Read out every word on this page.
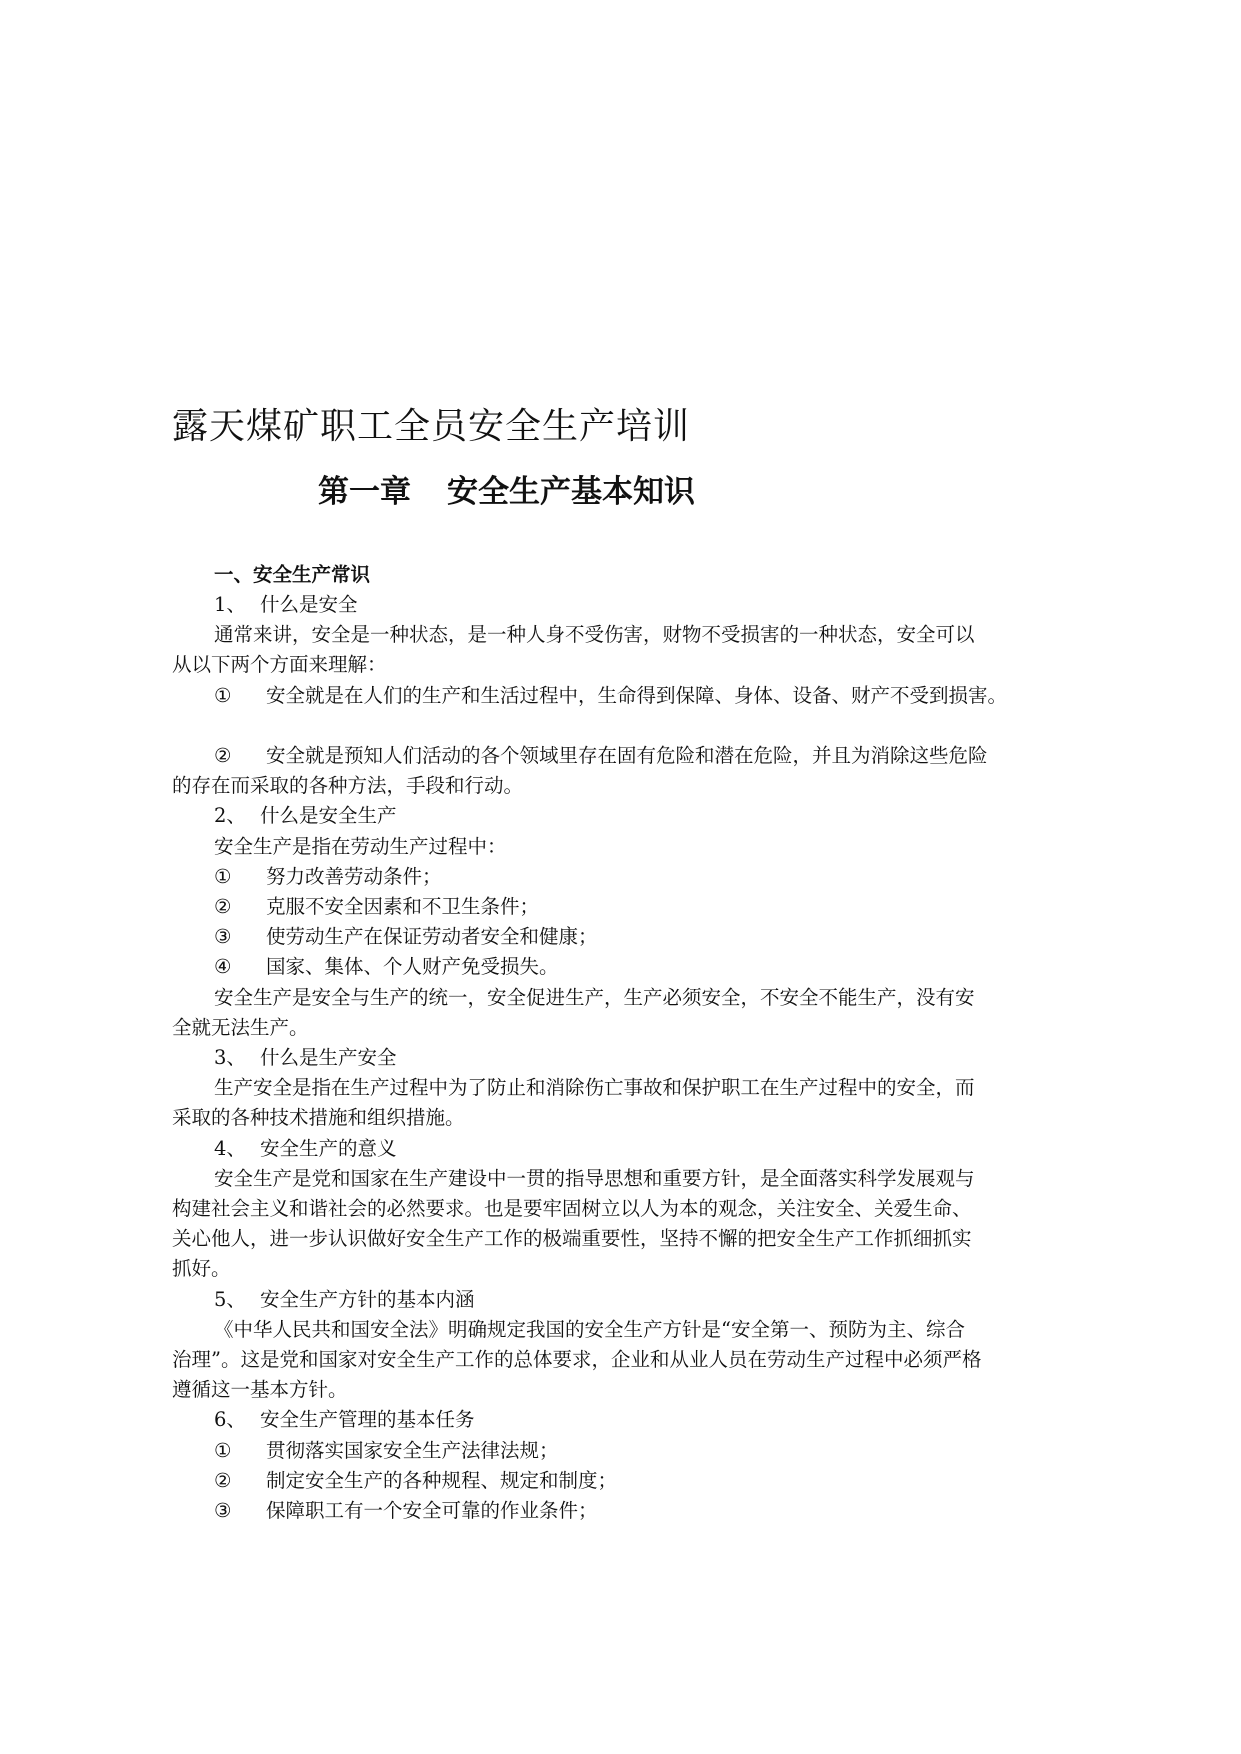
露天煤矿职工全员安全生产培训
第一章 安全生产基本知识
一、安全生产常识
1、 什么是安全
通常来讲，安全是一种状态，是一种人身不受伤害，财物不受损害的一种状态，安全可以
从以下两个方面来理解：
① 安全就是在人们的生产和生活过程中，生命得到保障、身体、设备、财产不受到损害。
② 安全就是预知人们活动的各个领域里存在固有危险和潜在危险，并且为消除这些危险
的存在而采取的各种方法，手段和行动。
2、 什么是安全生产
安全生产是指在劳动生产过程中：
① 努力改善劳动条件；
② 克服不安全因素和不卫生条件；
③ 使劳动生产在保证劳动者安全和健康；
④ 国家、集体、个人财产免受损失。
安全生产是安全与生产的统一，安全促进生产，生产必须安全，不安全不能生产，没有安
全就无法生产。
3、 什么是生产安全
生产安全是指在生产过程中为了防止和消除伤亡事故和保护职工在生产过程中的安全，而
采取的各种技术措施和组织措施。
4、 安全生产的意义
安全生产是党和国家在生产建设中一贯的指导思想和重要方针，是全面落实科学发展观与
构建社会主义和谐社会的必然要求。也是要牢固树立以人为本的观念，关注安全、关爱生命、
关心他人，进一步认识做好安全生产工作的极端重要性，坚持不懈的把安全生产工作抓细抓实
抓好。
5、 安全生产方针的基本内涵
《中华人民共和国安全法》明确规定我国的安全生产方针是“安全第一、预防为主、综合
治理”。这是党和国家对安全生产工作的总体要求，企业和从业人员在劳动生产过程中必须严格
遵循这一基本方针。
6、 安全生产管理的基本任务
① 贯彻落实国家安全生产法律法规；
② 制定安全生产的各种规程、规定和制度；
③ 保障职工有一个安全可靠的作业条件；
